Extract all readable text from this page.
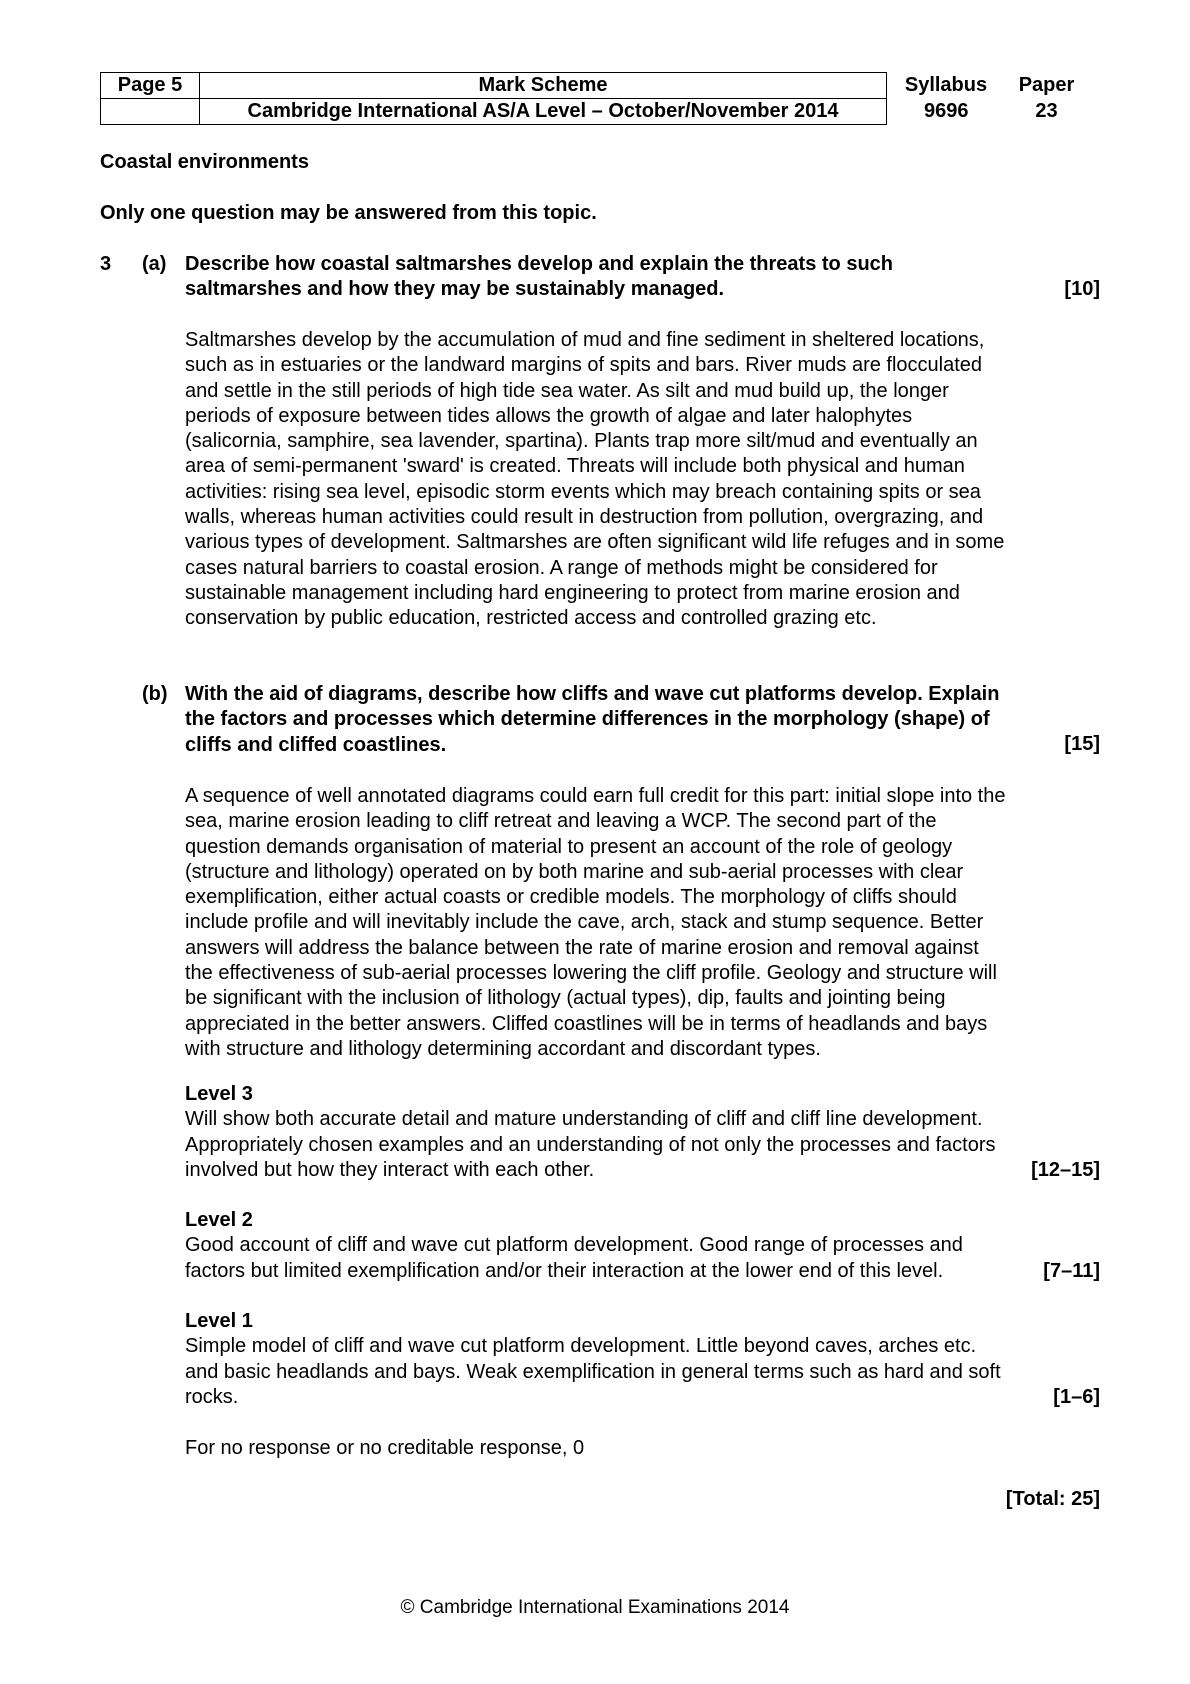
Page 5	Mark Scheme	Syllabus	Paper
	Cambridge International AS/A Level – October/November 2014	9696	23
Coastal environments
Only one question may be answered from this topic.
3 (a) Describe how coastal saltmarshes develop and explain the threats to such
saltmarshes and how they may be sustainably managed.	[10]
Saltmarshes develop by the accumulation of mud and fine sediment in sheltered locations,
such as in estuaries or the landward margins of spits and bars. River muds are flocculated
and settle in the still periods of high tide sea water. As silt and mud build up, the longer
periods of exposure between tides allows the growth of algae and later halophytes
(salicornia, samphire, sea lavender, spartina). Plants trap more silt/mud and eventually an
area of semi-permanent 'sward' is created. Threats will include both physical and human
activities: rising sea level, episodic storm events which may breach containing spits or sea
walls, whereas human activities could result in destruction from pollution, overgrazing, and
various types of development. Saltmarshes are often significant wild life refuges and in some
cases natural barriers to coastal erosion. A range of methods might be considered for
sustainable management including hard engineering to protect from marine erosion and
conservation by public education, restricted access and controlled grazing etc.
(b) With the aid of diagrams, describe how cliffs and wave cut platforms develop. Explain
the factors and processes which determine differences in the morphology (shape) of
cliffs and cliffed coastlines.	[15]
A sequence of well annotated diagrams could earn full credit for this part: initial slope into the
sea, marine erosion leading to cliff retreat and leaving a WCP. The second part of the
question demands organisation of material to present an account of the role of geology
(structure and lithology) operated on by both marine and sub-aerial processes with clear
exemplification, either actual coasts or credible models. The morphology of cliffs should
include profile and will inevitably include the cave, arch, stack and stump sequence. Better
answers will address the balance between the rate of marine erosion and removal against
the effectiveness of sub-aerial processes lowering the cliff profile. Geology and structure will
be significant with the inclusion of lithology (actual types), dip, faults and jointing being
appreciated in the better answers. Cliffed coastlines will be in terms of headlands and bays
with structure and lithology determining accordant and discordant types.
Level 3
Will show both accurate detail and mature understanding of cliff and cliff line development.
Appropriately chosen examples and an understanding of not only the processes and factors
involved but how they interact with each other.	[12–15]
Level 2
Good account of cliff and wave cut platform development. Good range of processes and
factors but limited exemplification and/or their interaction at the lower end of this level.	[7–11]
Level 1
Simple model of cliff and wave cut platform development. Little beyond caves, arches etc.
and basic headlands and bays. Weak exemplification in general terms such as hard and soft
rocks.	[1–6]
For no response or no creditable response, 0
[Total: 25]
© Cambridge International Examinations 2014
